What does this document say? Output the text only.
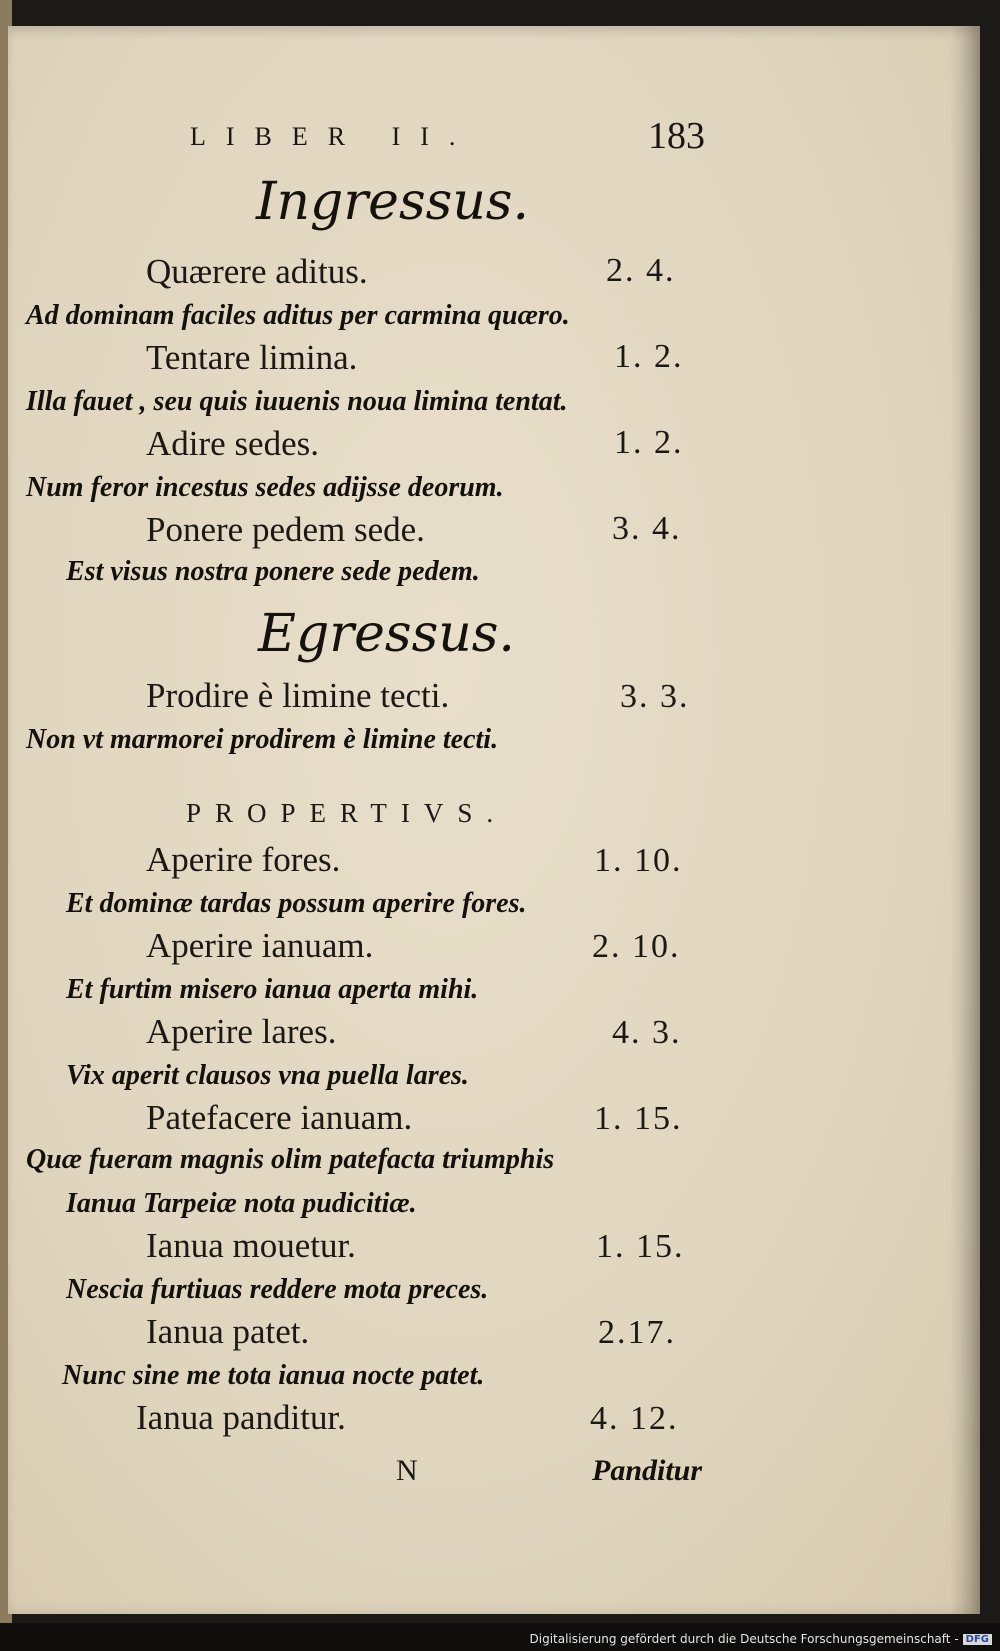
LIBER II.	183
Ingressus.
Quærere aditus.	2. 4.
Ad dominam faciles aditus per carmina quæro.
Tentare limina.	1. 2.
Illa fauet , seu quis iuuenis noua limina tentat.
Adire sedes.	1. 2.
Num feror incestus sedes adijsse deorum.
Ponere pedem sede.	3. 4.
Est visus nostra ponere sede pedem.
Egressus.
Prodire è limine tecti.	3. 3.
Non vt marmorei prodirem è limine tecti.
PROPERTIVS.
Aperire fores.	1. 10.
Et dominæ tardas possum aperire fores.
Aperire ianuam.	2. 10.
Et furtim misero ianua aperta mihi.
Aperire lares.	4. 3.
Vix aperit clausos vna puella lares.
Patefacere ianuam.	1. 15.
Quæ fueram magnis olim patefacta triumphis
Ianua Tarpeiæ nota pudicitiæ.
Ianua mouetur.	1. 15.
Nescia furtiuas reddere mota preces.
Ianua patet.	2.17.
Nunc sine me tota ianua nocte patet.
Ianua panditur.	4. 12.
N	Panditur
Digitalisierung gefördert durch die Deutsche Forschungsgemeinschaft - DFG
